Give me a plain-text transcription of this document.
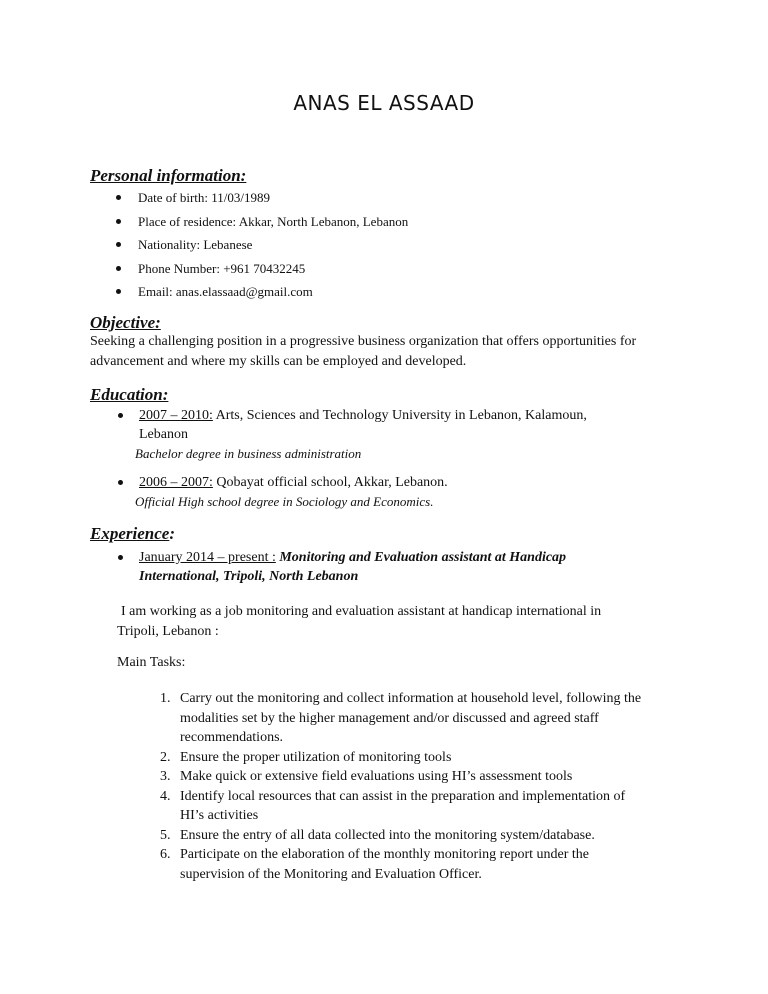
ANAS EL ASSAAD
Personal information:
Date of birth: 11/03/1989
Place of residence: Akkar, North Lebanon, Lebanon
Nationality: Lebanese
Phone Number: +961 70432245
Email: anas.elassaad@gmail.com
Objective:

Seeking a challenging position in a progressive business organization that offers opportunities for advancement and where my skills can be employed and developed.

Education:
2007 – 2010: Arts, Sciences and Technology University in Lebanon, Kalamoun,
Lebanon
Bachelor degree in business administration
2006 – 2007: Qobayat official school, Akkar, Lebanon.
Official High school degree in Sociology and Economics.
Experience:
January 2014 – present : Monitoring and Evaluation assistant at Handicap
International, Tripoli, North Lebanon

I am working as a job monitoring and evaluation assistant at handicap international in
Tripoli, Lebanon :

Main Tasks:

1. Carry out the monitoring and collect information at household level, following the
modalities set by the higher management and/or discussed and agreed staff
recommendations.
2. Ensure the proper utilization of monitoring tools
3. Make quick or extensive field evaluations using HI’s assessment tools
4. Identify local resources that can assist in the preparation and implementation of
HI’s activities
5. Ensure the entry of all data collected into the monitoring system/database.
6. Participate on the elaboration of the monthly monitoring report under the
supervision of the Monitoring and Evaluation Officer.
